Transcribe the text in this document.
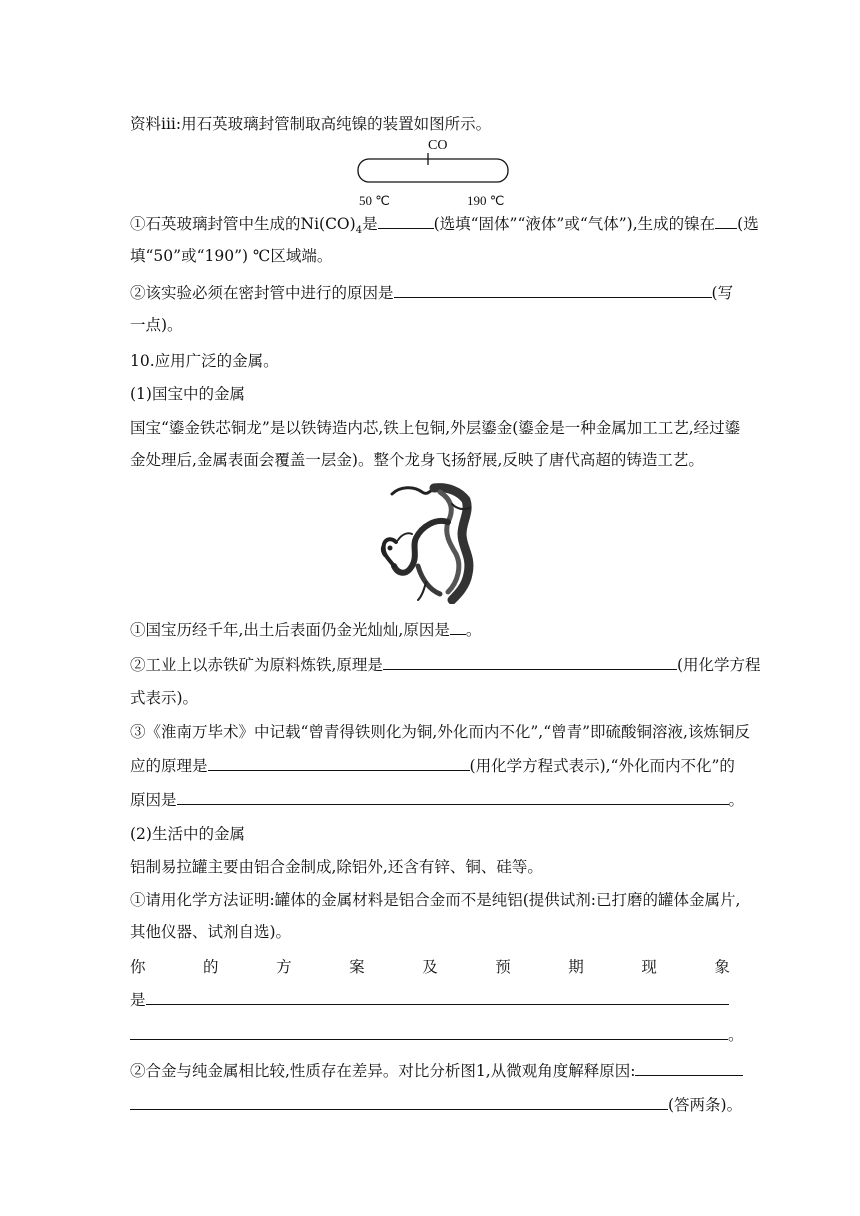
CO
50 ℃	190 ℃
资料iii:用石英玻璃封管制取高纯镍的装置如图所示。
①石英玻璃封管中生成的$Ni(CO)_4$是	(选填“固体”“液体”或“气体”),生成的镍在 (选
填“50”或“190”) ℃区域端。
②该实验必须在密封管中进行的原因是	(写
一点)。
10.应用广泛的金属。
(1)国宝中的金属
国宝“鎏金铁芯铜龙”是以铁铸造内芯,铁上包铜,外层鎏金(鎏金是一种金属加工工艺,经过鎏
金处理后,金属表面会覆盖一层金)。整个龙身飞扬舒展,反映了唐代高超的铸造工艺。
①国宝历经千年,出土后表面仍金光灿灿,原因是 。
②工业上以赤铁矿为原料炼铁,原理是	(用化学方程
式表示)。
③《淮南万毕术》中记载“曾青得铁则化为铜,外化而内不化”,“曾青”即硫酸铜溶液,该炼铜反
应的原理是	(用化学方程式表示),“外化而内不化”的
原因是	。
(2)生活中的金属
铝制易拉罐主要由铝合金制成,除铝外,还含有锌、铜、硅等。
①请用化学方法证明:罐体的金属材料是铝合金而不是纯铝(提供试剂:已打磨的罐体金属片,
其他仪器、试剂自选)。
你	的	方	案	及	预	期	现	象
是
。
②合金与纯金属相比较,性质存在差异。对比分析图1,从微观角度解释原因:
(答两条)。
